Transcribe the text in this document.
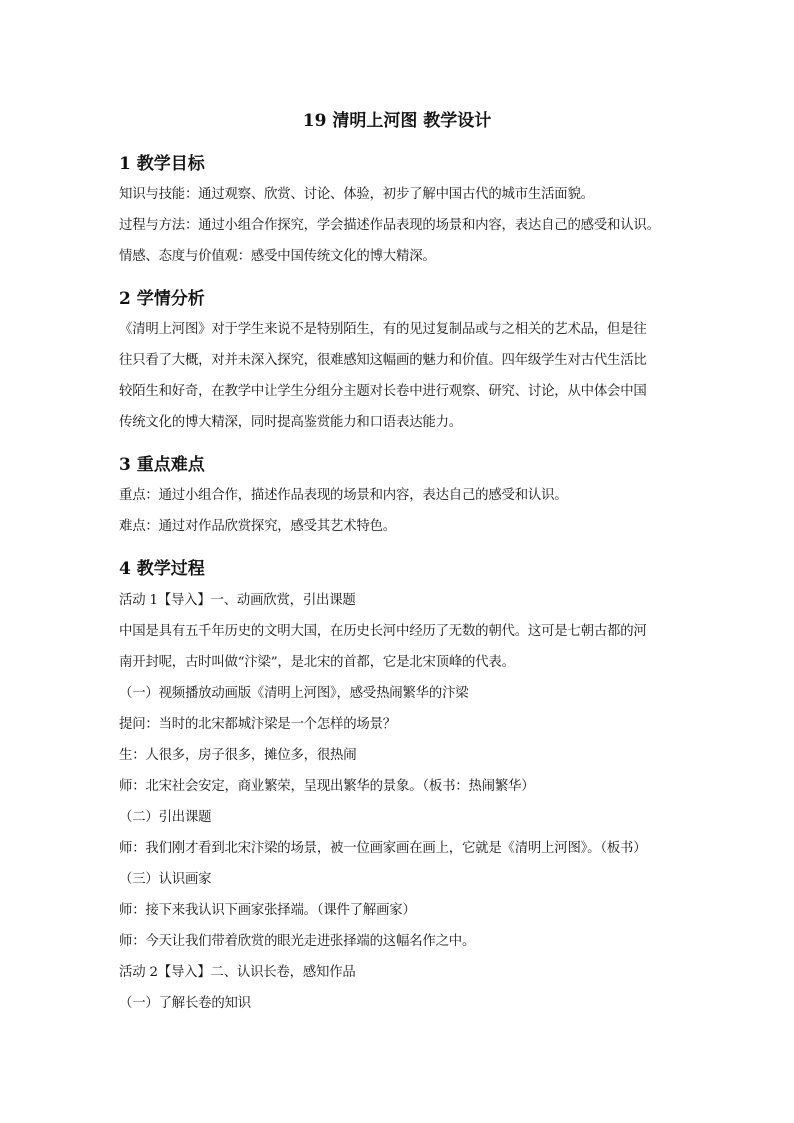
19 清明上河图 教学设计
1 教学目标
知识与技能：通过观察、欣赏、讨论、体验，初步了解中国古代的城市生活面貌。
过程与方法：通过小组合作探究，学会描述作品表现的场景和内容，表达自己的感受和认识。
情感、态度与价值观：感受中国传统文化的博大精深。
2 学情分析
《清明上河图》对于学生来说不是特别陌生，有的见过复制品或与之相关的艺术品，但是往
往只看了大概，对并未深入探究，很难感知这幅画的魅力和价值。四年级学生对古代生活比
较陌生和好奇，在教学中让学生分组分主题对长卷中进行观察、研究、讨论，从中体会中国
传统文化的博大精深，同时提高鉴赏能力和口语表达能力。
3 重点难点
重点：通过小组合作，描述作品表现的场景和内容，表达自己的感受和认识。
难点：通过对作品欣赏探究，感受其艺术特色。
4 教学过程
活动 1【导入】一、动画欣赏，引出课题
中国是具有五千年历史的文明大国，在历史长河中经历了无数的朝代。这可是七朝古都的河
南开封呢，古时叫做“汴梁”，是北宋的首都，它是北宋顶峰的代表。
（一）视频播放动画版《清明上河图》，感受热闹繁华的汴梁
提问：当时的北宋都城汴梁是一个怎样的场景？
生：人很多，房子很多，摊位多，很热闹
师：北宋社会安定，商业繁荣，呈现出繁华的景象。（板书：热闹繁华）
（二）引出课题
师：我们刚才看到北宋汴梁的场景，被一位画家画在画上，它就是《清明上河图》。（板书）
（三）认识画家
师：接下来我认识下画家张择端。（课件了解画家）
师：今天让我们带着欣赏的眼光走进张择端的这幅名作之中。
活动 2【导入】二、认识长卷，感知作品
（一）了解长卷的知识
